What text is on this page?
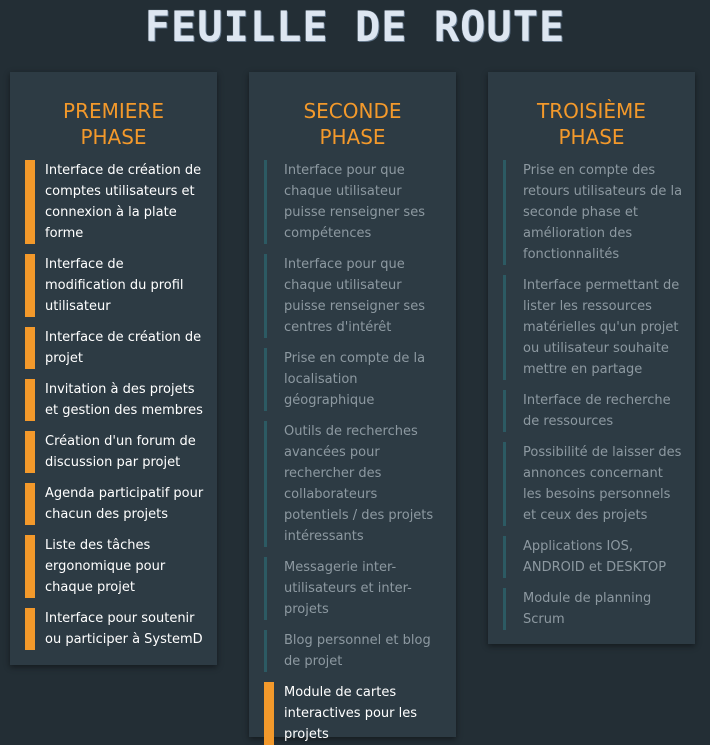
FEUILLE DE ROUTE
PREMIERE
PHASE
Interface de création de comptes utilisateurs et connexion à la plate forme
Interface de modification du profil utilisateur
Interface de création de projet
Invitation à des projets et gestion des membres
Création d'un forum de discussion par projet
Agenda participatif pour chacun des projets
Liste des tâches ergonomique pour chaque projet
Interface pour soutenir ou participer à SystemD
SECONDE
PHASE
Interface pour que chaque utilisateur puisse renseigner ses compétences
Interface pour que chaque utilisateur puisse renseigner ses centres d'intérêt
Prise en compte de la localisation géographique
Outils de recherches avancées pour rechercher des collaborateurs potentiels / des projets intéressants
Messagerie inter-utilisateurs et inter-projets
Blog personnel et blog de projet
Module de cartes interactives pour les projets
TROISIÈME
PHASE
Prise en compte des retours utilisateurs de la seconde phase et amélioration des fonctionnalités
Interface permettant de lister les ressources matérielles qu'un projet ou utilisateur souhaite mettre en partage
Interface de recherche de ressources
Possibilité de laisser des annonces concernant les besoins personnels et ceux des projets
Applications IOS, ANDROID et DESKTOP
Module de planning Scrum
